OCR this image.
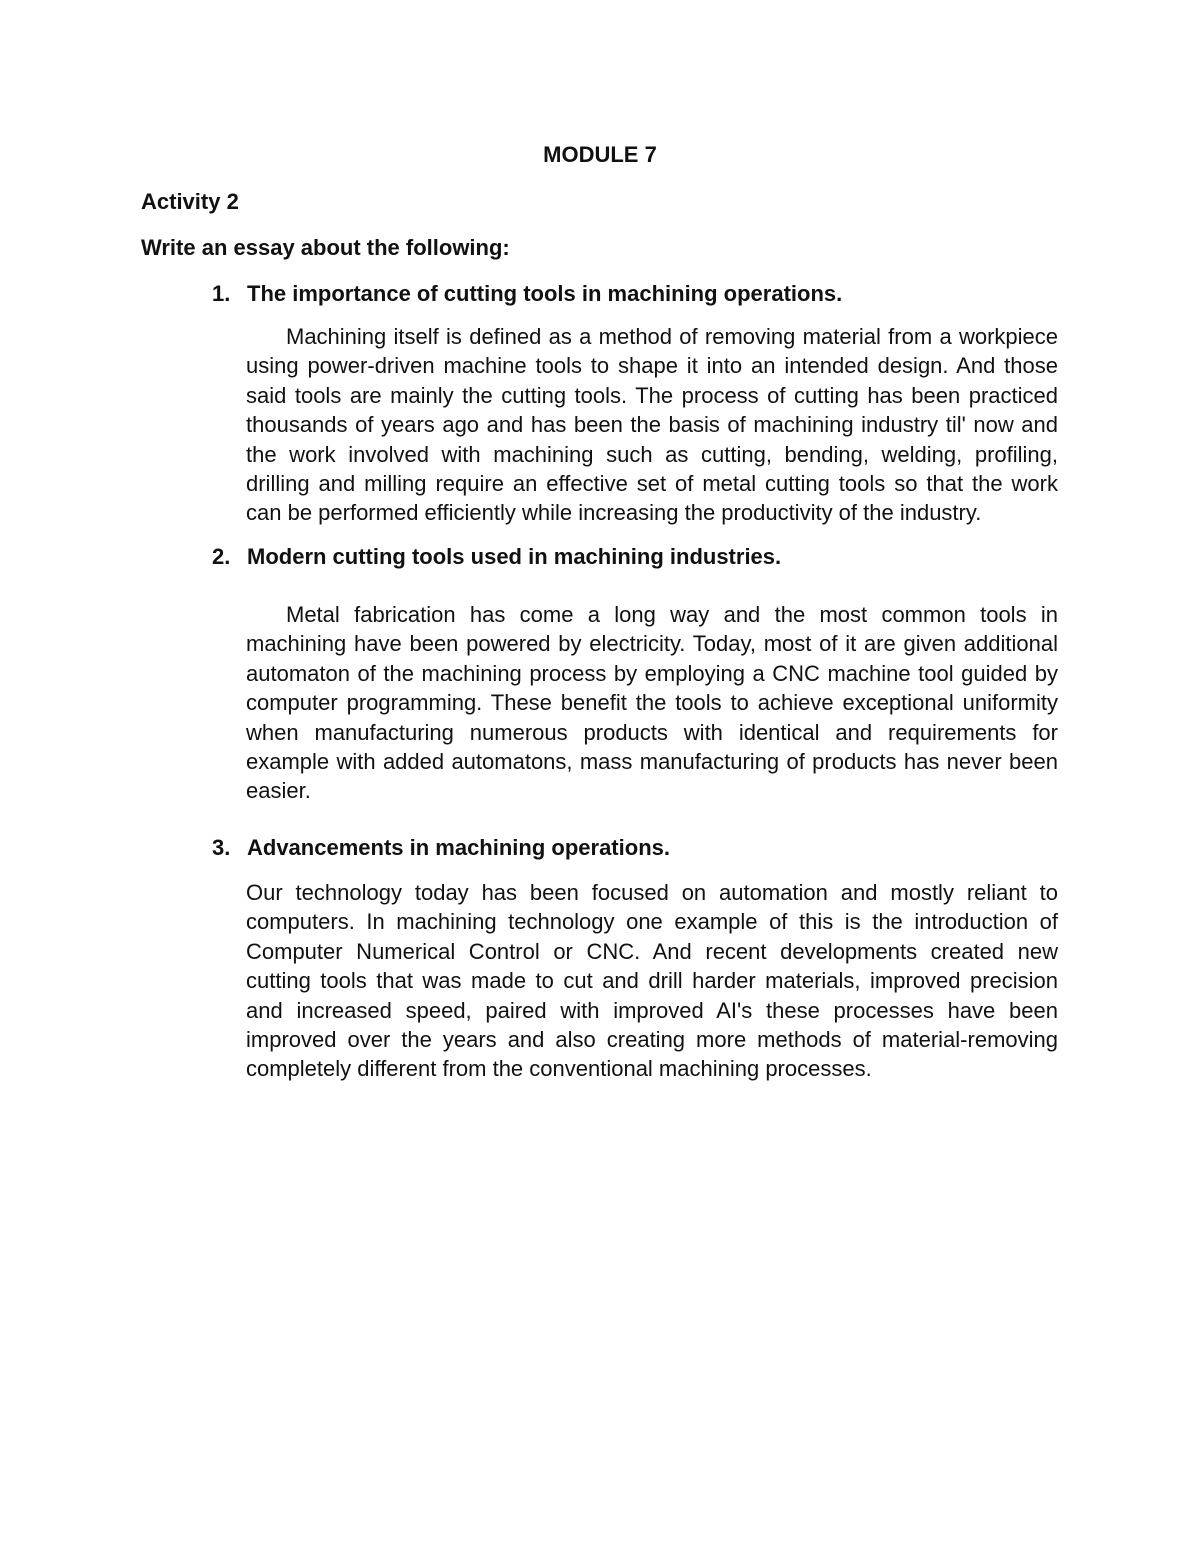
MODULE 7
Activity 2
Write an essay about the following:
1. The importance of cutting tools in machining operations.

Machining itself is defined as a method of removing material from a workpiece using power-driven machine tools to shape it into an intended design. And those said tools are mainly the cutting tools. The process of cutting has been practiced thousands of years ago and has been the basis of machining industry til' now and the work involved with machining such as cutting, bending, welding, profiling, drilling and milling require an effective set of metal cutting tools so that the work can be performed efficiently while increasing the productivity of the industry.

2. Modern cutting tools used in machining industries.

Metal fabrication has come a long way and the most common tools in machining have been powered by electricity. Today, most of it are given additional automaton of the machining process by employing a CNC machine tool guided by computer programming. These benefit the tools to achieve exceptional uniformity when manufacturing numerous products with identical and requirements for example with added automatons, mass manufacturing of products has never been easier.

3. Advancements in machining operations.

Our technology today has been focused on automation and mostly reliant to computers. In machining technology one example of this is the introduction of Computer Numerical Control or CNC. And recent developments created new cutting tools that was made to cut and drill harder materials, improved precision and increased speed, paired with improved AI's these processes have been improved over the years and also creating more methods of material-removing completely different from the conventional machining processes.
